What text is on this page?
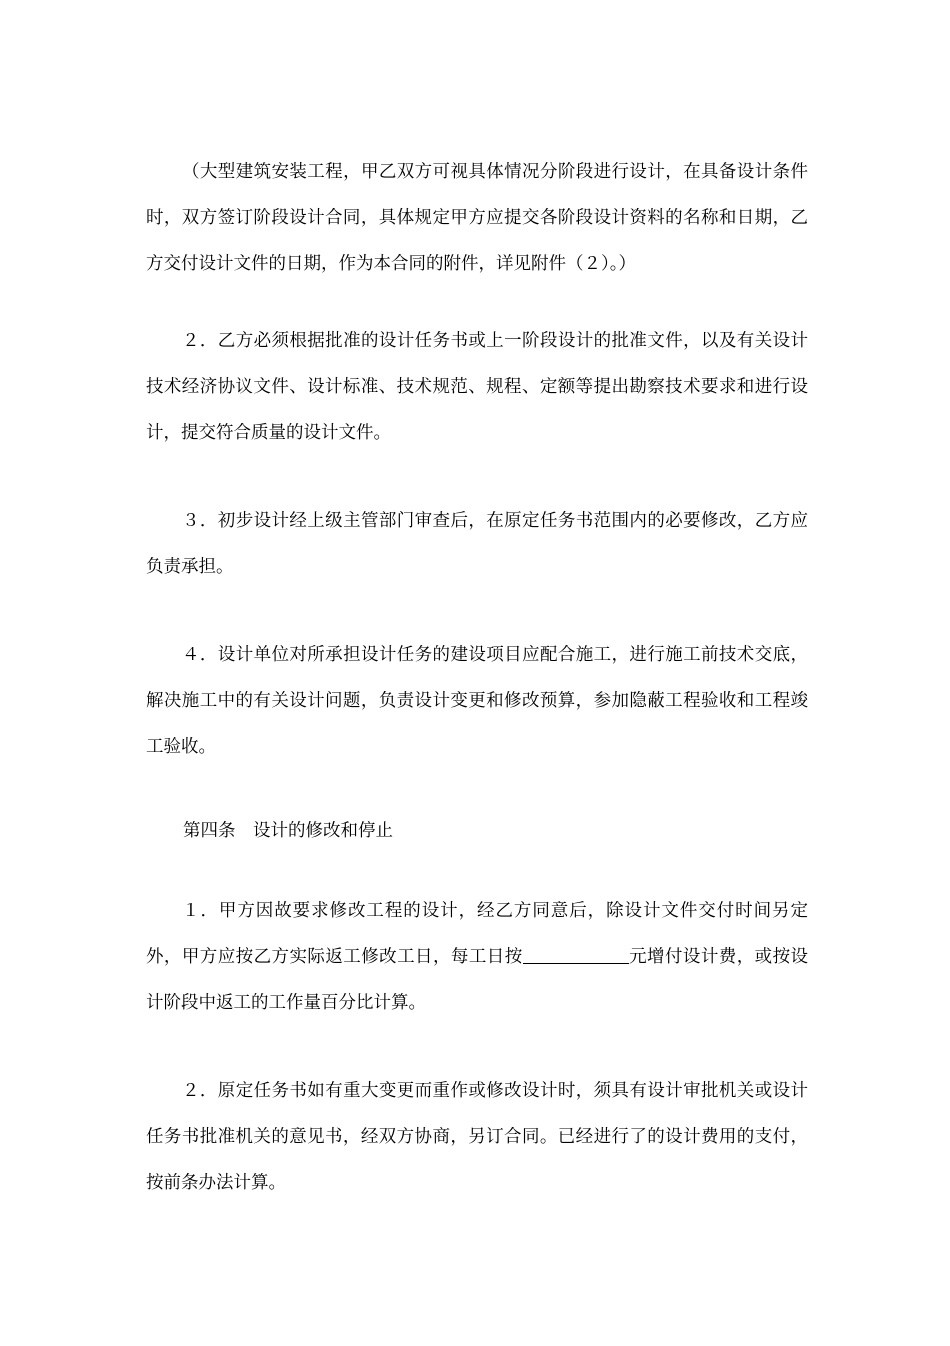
（大型建筑安装工程，甲乙双方可视具体情况分阶段进行设计，在具备设计条件时，双方签订阶段设计合同，具体规定甲方应提交各阶段设计资料的名称和日期，乙方交付设计文件的日期，作为本合同的附件，详见附件（２）。）

２．乙方必须根据批准的设计任务书或上一阶段设计的批准文件，以及有关设计技术经济协议文件、设计标准、技术规范、规程、定额等提出勘察技术要求和进行设计，提交符合质量的设计文件。

３．初步设计经上级主管部门审查后，在原定任务书范围内的必要修改，乙方应负责承担。

４．设计单位对所承担设计任务的建设项目应配合施工，进行施工前技术交底，解决施工中的有关设计问题，负责设计变更和修改预算，参加隐蔽工程验收和工程竣工验收。

第四条　设计的修改和停止

１．甲方因故要求修改工程的设计，经乙方同意后，除设计文件交付时间另定外，甲方应按乙方实际返工修改工日，每工日按	元增付设计费，或按设计阶段中返工的工作量百分比计算。

２．原定任务书如有重大变更而重作或修改设计时，须具有设计审批机关或设计任务书批准机关的意见书，经双方协商，另订合同。已经进行了的设计费用的支付，按前条办法计算。
